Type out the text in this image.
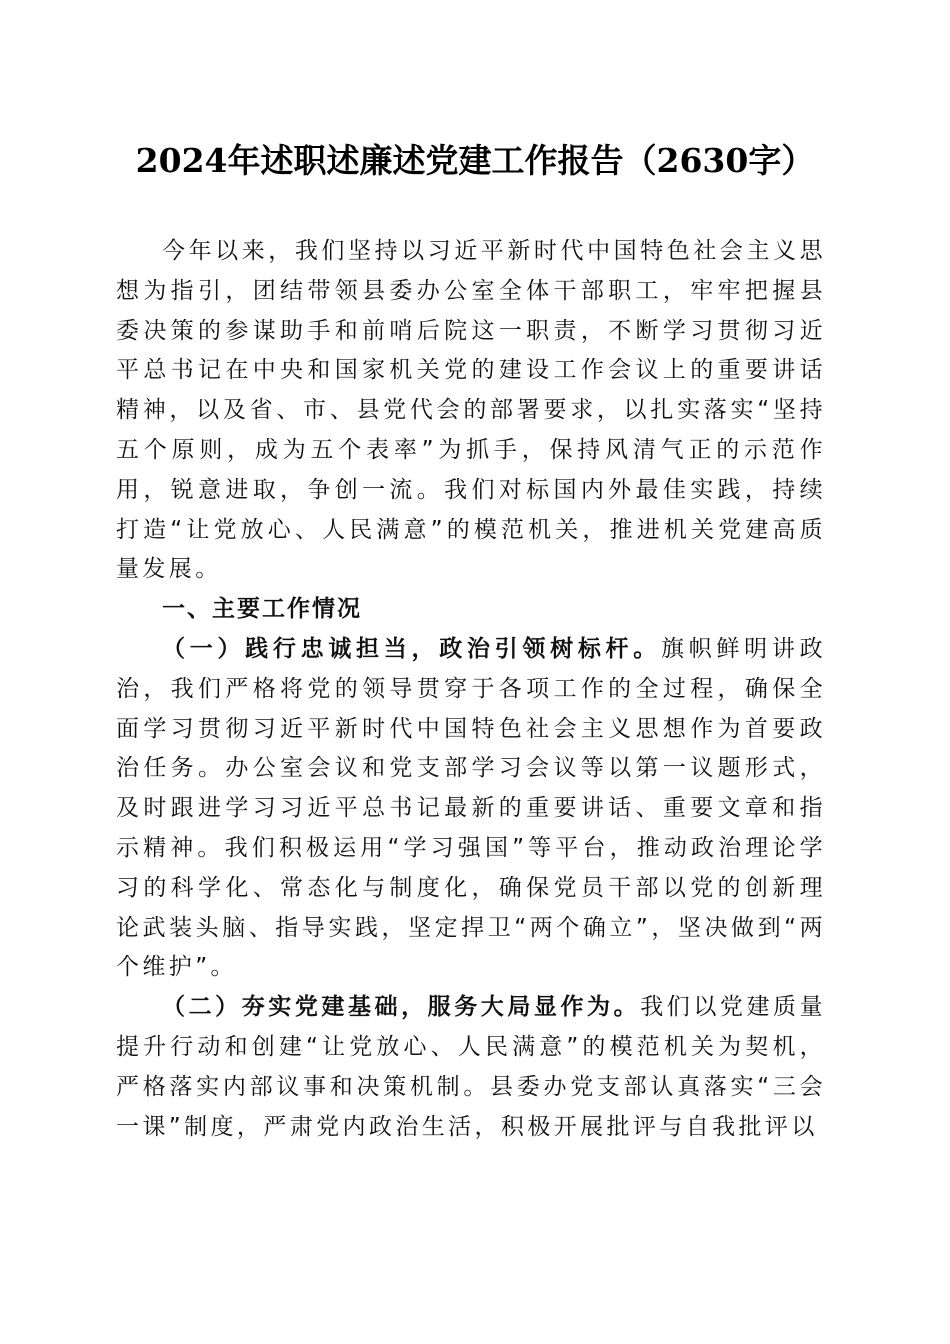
2024年述职述廉述党建工作报告（2630字）

今年以来，我们坚持以习近平新时代中国特色社会主义思想为指引，团结带领县委办公室全体干部职工，牢牢把握县委决策的参谋助手和前哨后院这一职责，不断学习贯彻习近平总书记在中央和国家机关党的建设工作会议上的重要讲话精神，以及省、市、县党代会的部署要求，以扎实落实“坚持五个原则，成为五个表率”为抓手，保持风清气正的示范作用，锐意进取，争创一流。我们对标国内外最佳实践，持续打造“让党放心、人民满意”的模范机关，推进机关党建高质量发展。

一、主要工作情况

（一）践行忠诚担当，政治引领树标杆。旗帜鲜明讲政治，我们严格将党的领导贯穿于各项工作的全过程，确保全面学习贯彻习近平新时代中国特色社会主义思想作为首要政治任务。办公室会议和党支部学习会议等以第一议题形式，及时跟进学习习近平总书记最新的重要讲话、重要文章和指示精神。我们积极运用“学习强国”等平台，推动政治理论学习的科学化、常态化与制度化，确保党员干部以党的创新理论武装头脑、指导实践，坚定捍卫“两个确立”，坚决做到“两个维护”。

（二）夯实党建基础，服务大局显作为。我们以党建质量提升行动和创建“让党放心、人民满意”的模范机关为契机，严格落实内部议事和决策机制。县委办党支部认真落实“三会一课”制度，严肃党内政治生活，积极开展批评与自我批评以
